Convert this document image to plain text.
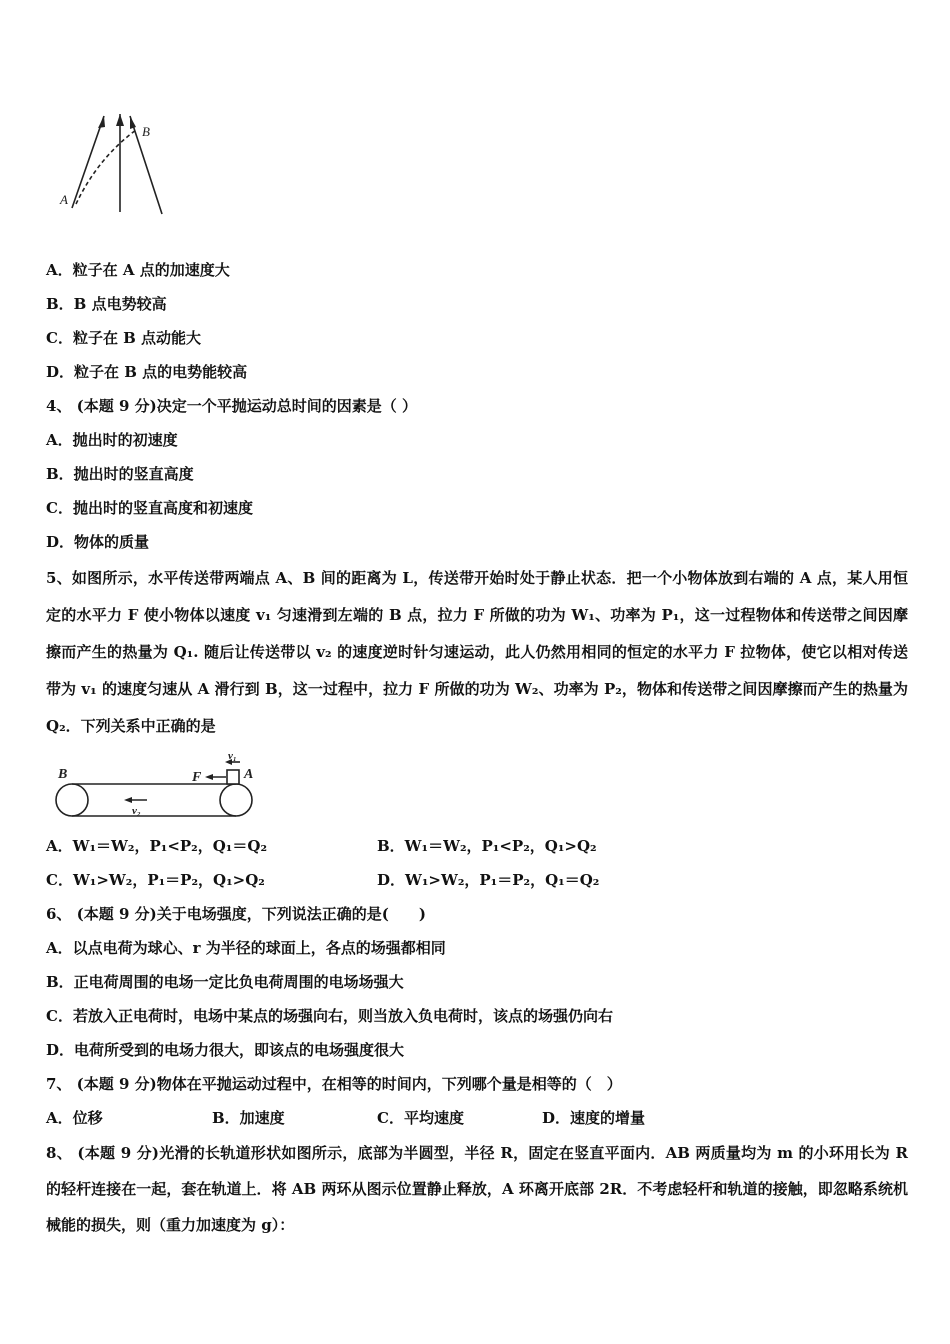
A
B
A．粒子在 A 点的加速度大
B．B 点电势较高
C．粒子在 B 点动能大
D．粒子在 B 点的电势能较高
4、 (本题 9 分)决定一个平抛运动总时间的因素是（ ）
A．抛出时的初速度
B．抛出时的竖直高度
C．抛出时的竖直高度和初速度
D．物体的质量
5、如图所示，水平传送带两端点 A、B 间的距离为 L，传送带开始时处于静止状态．把一个小物体放到右端的 A 点，某人用恒定的水平力 F 使小物体以速度 v₁ 匀速滑到左端的 B 点，拉力 F 所做的功为 W₁、功率为 P₁，这一过程物体和传送带之间因摩擦而产生的热量为 Q₁. 随后让传送带以 v₂ 的速度逆时针匀速运动，此人仍然用相同的恒定的水平力 F 拉物体，使它以相对传送带为 v₁ 的速度匀速从 A 滑行到 B，这一过程中，拉力 F 所做的功为 W₂、功率为 P₂，物体和传送带之间因摩擦而产生的热量为 Q₂．下列关系中正确的是
B	A
F
v₁
v₂
A．W₁＝W₂，P₁<P₂，Q₁＝Q₂	B．W₁＝W₂，P₁<P₂，Q₁>Q₂
C．W₁>W₂，P₁＝P₂，Q₁>Q₂	D．W₁>W₂，P₁＝P₂，Q₁＝Q₂
6、 (本题 9 分)关于电场强度，下列说法正确的是(　　)
A．以点电荷为球心、r 为半径的球面上，各点的场强都相同
B．正电荷周围的电场一定比负电荷周围的电场场强大
C．若放入正电荷时，电场中某点的场强向右，则当放入负电荷时，该点的场强仍向右
D．电荷所受到的电场力很大，即该点的电场强度很大
7、 (本题 9 分)物体在平抛运动过程中，在相等的时间内，下列哪个量是相等的（　）
A．位移	B．加速度	C．平均速度	D．速度的增量
8、 (本题 9 分)光滑的长轨道形状如图所示，底部为半圆型，半径 R，固定在竖直平面内．AB 两质量均为 m 的小环用长为 R 的轻杆连接在一起，套在轨道上．将 AB 两环从图示位置静止释放，A 环离开底部 2R．不考虑轻杆和轨道的接触，即忽略系统机械能的损失，则（重力加速度为 g）：
